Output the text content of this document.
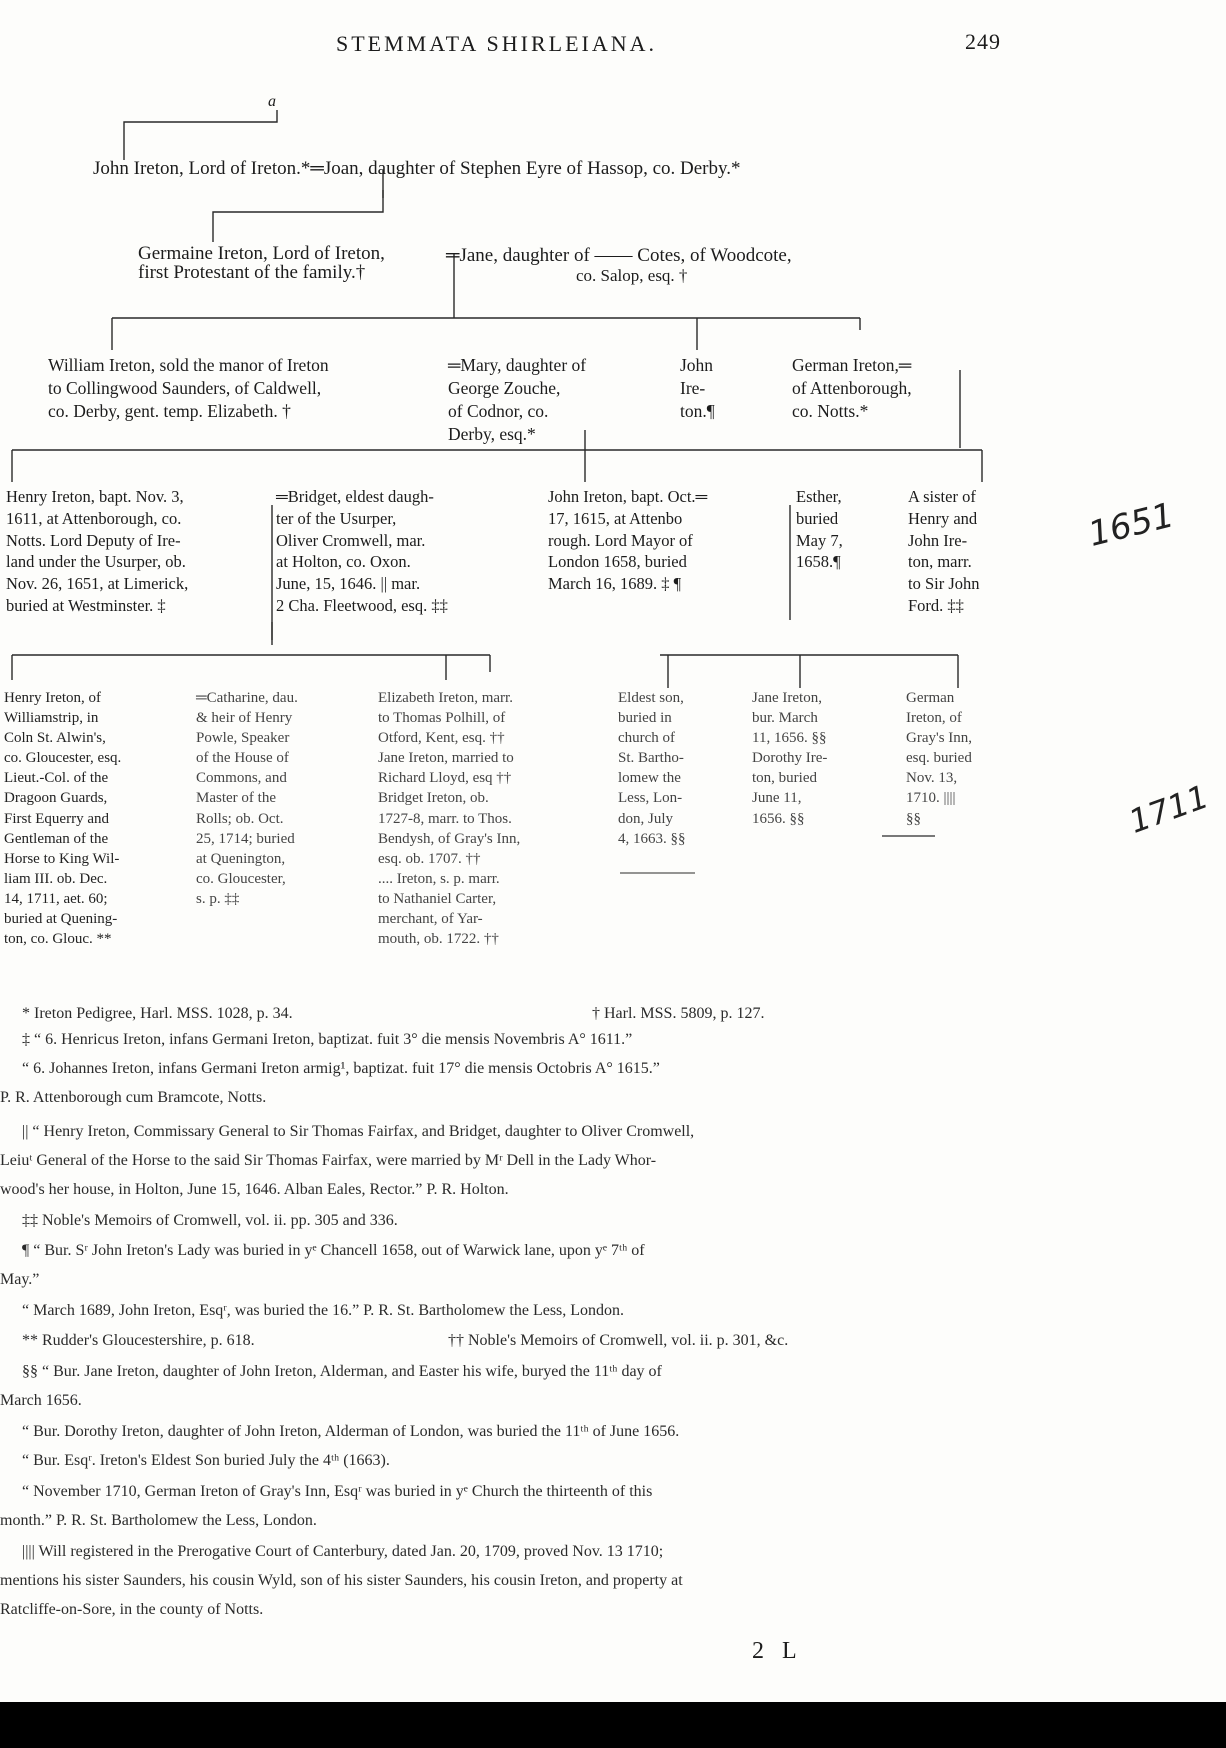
STEMMATA SHIRLEIANA.	249
a
John Ireton, Lord of Ireton.*═Joan, daughter of Stephen Eyre of Hassop, co. Derby.*
Germaine Ireton, Lord of Ireton,
first Protestant of the family.†
═Jane, daughter of —— Cotes, of Woodcote,
co. Salop, esq. †
William Ireton, sold the manor of Ireton
to Collingwood Saunders, of Caldwell,
co. Derby, gent. temp. Elizabeth. †
═Mary, daughter of
George Zouche,
of Codnor, co.
Derby, esq.*
John
Ire-
ton.¶
German Ireton,═
of Attenborough,
co. Notts.*
Henry Ireton, bapt. Nov. 3,
1611, at Attenborough, co.
Notts. Lord Deputy of Ire-
land under the Usurper, ob.
Nov. 26, 1651, at Limerick,
buried at Westminster. ‡
═Bridget, eldest daugh-
ter of the Usurper,
Oliver Cromwell, mar.
at Holton, co. Oxon.
June, 15, 1646. || mar.
2 Cha. Fleetwood, esq. ‡‡
John Ireton, bapt. Oct.═
17, 1615, at Attenbo
rough. Lord Mayor of
London 1658, buried
March 16, 1689. ‡ ¶
Esther,
buried
May 7,
1658.¶
A sister of
Henry and
John Ire-
ton, marr.
to Sir John
Ford. ‡‡
Henry Ireton, of
Williamstrip, in
Coln St. Alwin's,
co. Gloucester, esq.
Lieut.-Col. of the
Dragoon Guards,
First Equerry and
Gentleman of the
Horse to King Wil-
liam III. ob. Dec.
14, 1711, aet. 60;
buried at Quening-
ton, co. Glouc. **
═Catharine, dau.
& heir of Henry
Powle, Speaker
of the House of
Commons, and
Master of the
Rolls; ob. Oct.
25, 1714; buried
at Quenington,
co. Gloucester,
s. p. ‡‡
Elizabeth Ireton, marr.
to Thomas Polhill, of
Otford, Kent, esq. ††
Jane Ireton, married to
Richard Lloyd, esq ††
Bridget Ireton, ob.
1727-8, marr. to Thos.
Bendysh, of Gray's Inn,
esq. ob. 1707. ††
.... Ireton, s. p. marr.
to Nathaniel Carter,
merchant, of Yar-
mouth, ob. 1722. ††
Eldest son,
buried in
church of
St. Bartho-
lomew the
Less, Lon-
don, July
4, 1663. §§
Jane Ireton,
bur. March
11, 1656. §§
Dorothy Ire-
ton, buried
June 11,
1656. §§
German
Ireton, of
Gray's Inn,
esq. buried
Nov. 13,
1710. ||||
§§
* Ireton Pedigree, Harl. MSS. 1028, p. 34.	† Harl. MSS. 5809, p. 127.
‡ “ 6. Henricus Ireton, infans Germani Ireton, baptizat. fuit 3° die mensis Novembris A° 1611.”
“ 6. Johannes Ireton, infans Germani Ireton armig¹, baptizat. fuit 17° die mensis Octobris A° 1615.”
P. R. Attenborough cum Bramcote, Notts.
|| “ Henry Ireton, Commissary General to Sir Thomas Fairfax, and Bridget, daughter to Oliver Cromwell,
Leiuᵗ General of the Horse to the said Sir Thomas Fairfax, were married by Mʳ Dell in the Lady Whor-
wood's her house, in Holton, June 15, 1646. Alban Eales, Rector.” P. R. Holton.
‡‡ Noble's Memoirs of Cromwell, vol. ii. pp. 305 and 336.
¶ “ Bur. Sʳ John Ireton's Lady was buried in yᵉ Chancell 1658, out of Warwick lane, upon yᵉ 7ᵗʰ of
May.”
“ March 1689, John Ireton, Esqʳ, was buried the 16.” P. R. St. Bartholomew the Less, London.
** Rudder's Gloucestershire, p. 618.	†† Noble's Memoirs of Cromwell, vol. ii. p. 301, &c.
§§ “ Bur. Jane Ireton, daughter of John Ireton, Alderman, and Easter his wife, buryed the 11ᵗʰ day of
March 1656.
“ Bur. Dorothy Ireton, daughter of John Ireton, Alderman of London, was buried the 11ᵗʰ of June 1656.
“ Bur. Esqʳ. Ireton's Eldest Son buried July the 4ᵗʰ (1663).
“ November 1710, German Ireton of Gray's Inn, Esqʳ was buried in yᵉ Church the thirteenth of this
month.” P. R. St. Bartholomew the Less, London.
|||| Will registered in the Prerogative Court of Canterbury, dated Jan. 20, 1709, proved Nov. 13 1710;
mentions his sister Saunders, his cousin Wyld, son of his sister Saunders, his cousin Ireton, and property at
Ratcliffe-on-Sore, in the county of Notts.
2 L
1651
1711
